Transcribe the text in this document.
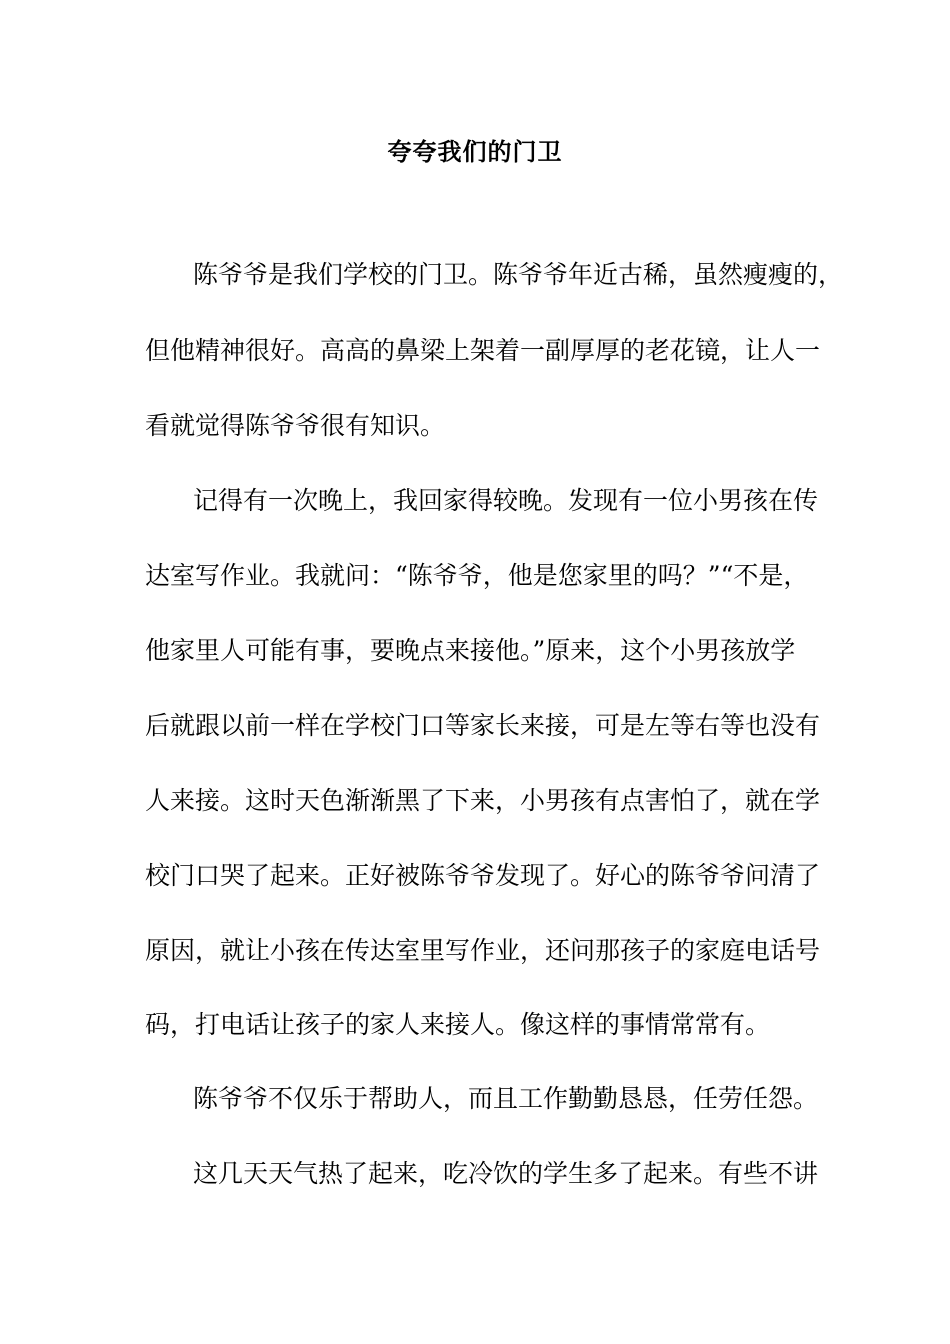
夸夸我们的门卫
陈爷爷是我们学校的门卫。陈爷爷年近古稀，虽然瘦瘦的，
但他精神很好。高高的鼻梁上架着一副厚厚的老花镜，让人一
看就觉得陈爷爷很有知识。
记得有一次晚上，我回家得较晚。发现有一位小男孩在传
达室写作业。我就问：“陈爷爷，他是您家里的吗？”“不是，
他家里人可能有事，要晚点来接他。”原来，这个小男孩放学
后就跟以前一样在学校门口等家长来接，可是左等右等也没有
人来接。这时天色渐渐黑了下来，小男孩有点害怕了，就在学
校门口哭了起来。正好被陈爷爷发现了。好心的陈爷爷问清了
原因，就让小孩在传达室里写作业，还问那孩子的家庭电话号
码，打电话让孩子的家人来接人。像这样的事情常常有。
陈爷爷不仅乐于帮助人，而且工作勤勤恳恳，任劳任怨。
这几天天气热了起来，吃冷饮的学生多了起来。有些不讲
